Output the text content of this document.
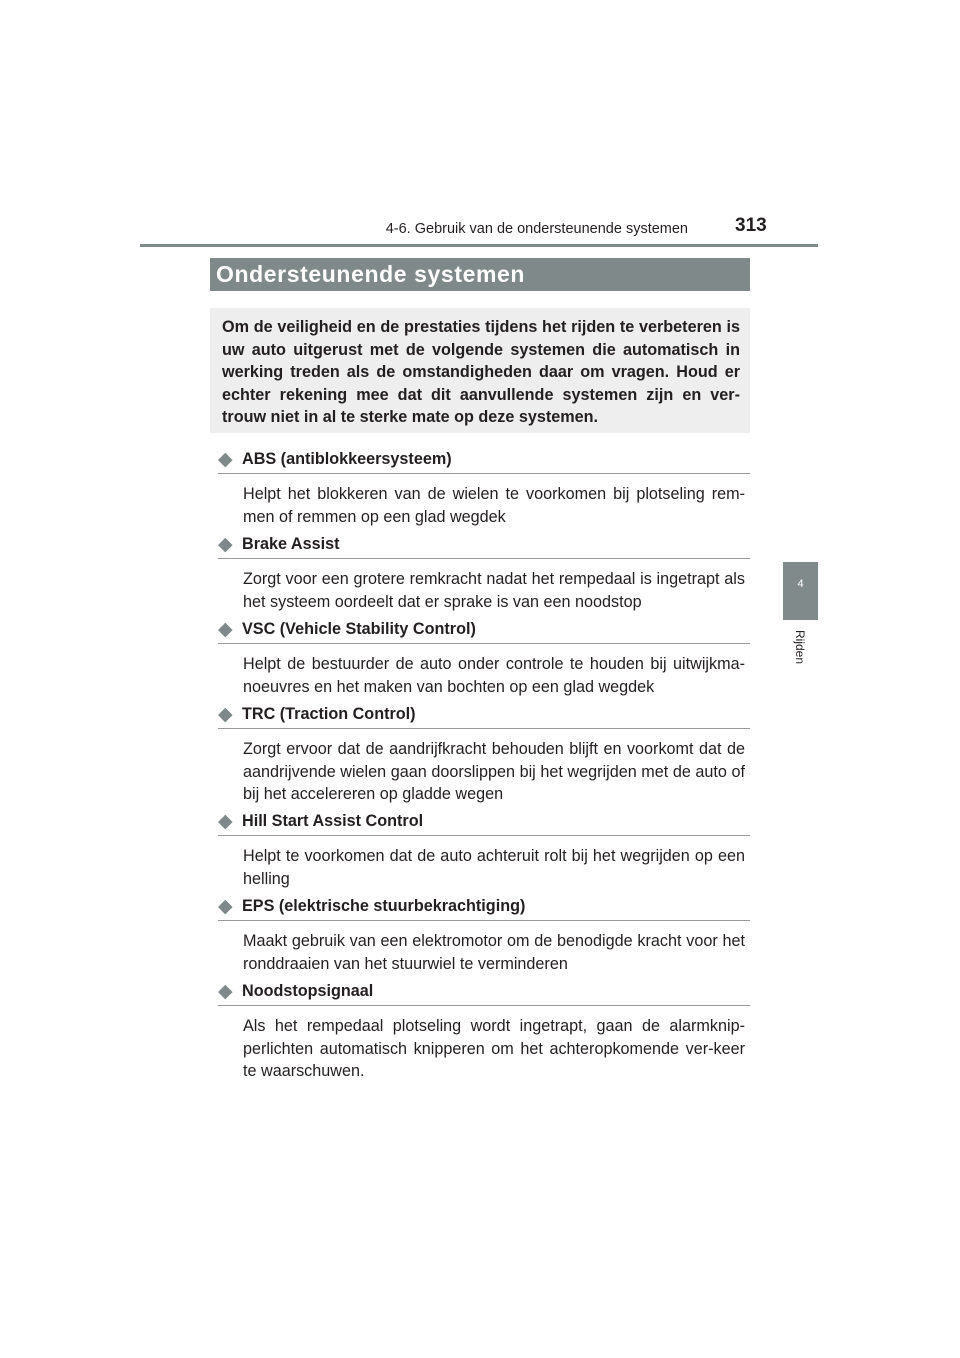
4-6. Gebruik van de ondersteunende systemen 313
4
Rijden
Ondersteunende systemen

Om de veiligheid en de prestaties tijdens het rijden te verbeteren is uw auto uitgerust met de volgende systemen die automatisch in werking treden als de omstandigheden daar om vragen. Houd er echter rekening mee dat dit aanvullende systemen zijn en ver-trouw niet in al te sterke mate op deze systemen.

◆ ABS (antiblokkeersysteem)

Helpt het blokkeren van de wielen te voorkomen bij plotseling rem-men of remmen op een glad wegdek

◆ Brake Assist

Zorgt voor een grotere remkracht nadat het rempedaal is ingetrapt als het systeem oordeelt dat er sprake is van een noodstop

◆ VSC (Vehicle Stability Control)

Helpt de bestuurder de auto onder controle te houden bij uitwijkma-noeuvres en het maken van bochten op een glad wegdek

◆ TRC (Traction Control)

Zorgt ervoor dat de aandrijfkracht behouden blijft en voorkomt dat de aandrijvende wielen gaan doorslippen bij het wegrijden met de auto of bij het accelereren op gladde wegen

◆ Hill Start Assist Control

Helpt te voorkomen dat de auto achteruit rolt bij het wegrijden op een helling

◆ EPS (elektrische stuurbekrachtiging)

Maakt gebruik van een elektromotor om de benodigde kracht voor het ronddraaien van het stuurwiel te verminderen

◆ Noodstopsignaal

Als het rempedaal plotseling wordt ingetrapt, gaan de alarmknip-perlichten automatisch knipperen om het achteropkomende ver-keer te waarschuwen.
